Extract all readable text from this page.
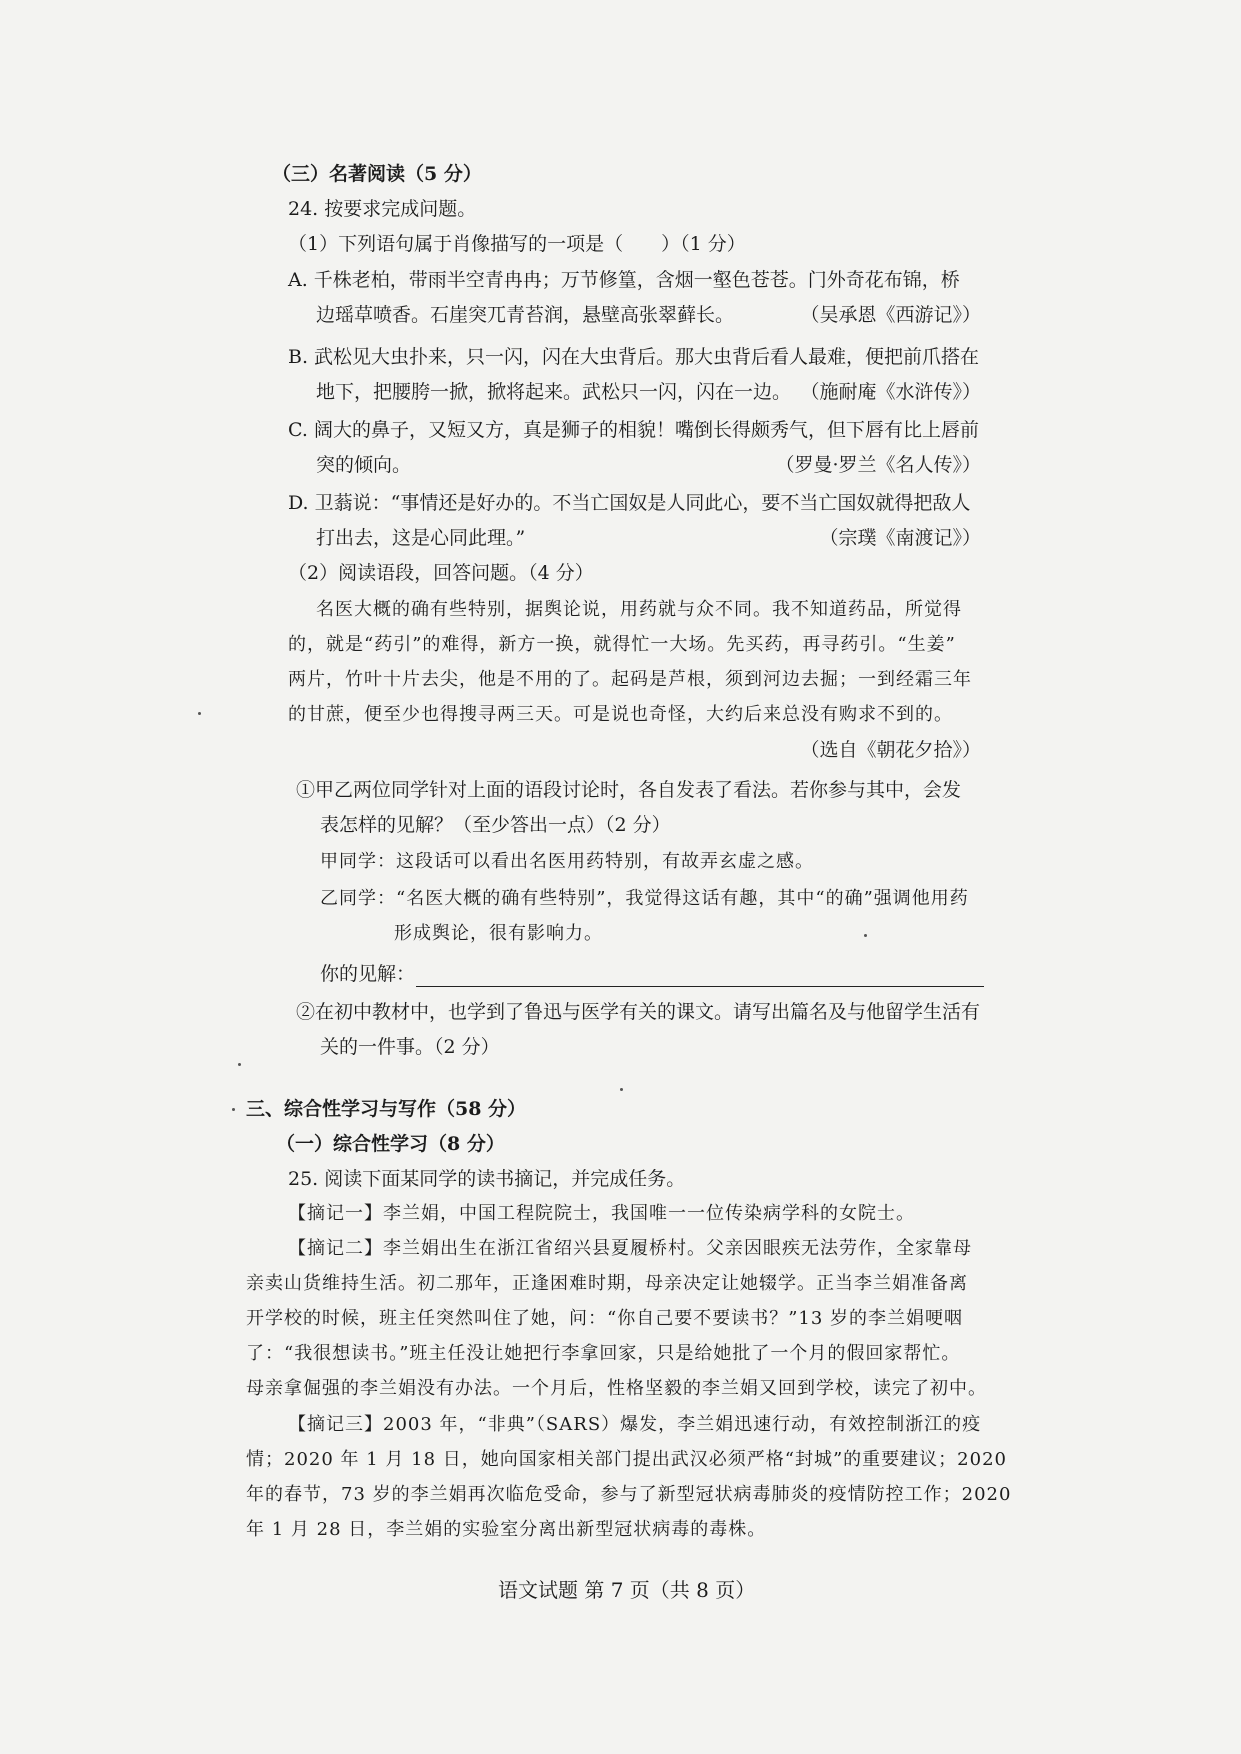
（三）名著阅读（5 分）
24. 按要求完成问题。
（1）下列语句属于肖像描写的一项是（　　）（1 分）
A. 千株老柏，带雨半空青冉冉；万节修篁，含烟一壑色苍苍。门外奇花布锦，桥
边瑶草喷香。石崖突兀青苔润，悬壁高张翠藓长。	（吴承恩《西游记》）
B. 武松见大虫扑来，只一闪，闪在大虫背后。那大虫背后看人最难，便把前爪搭在
地下，把腰胯一掀，掀将起来。武松只一闪，闪在一边。 （施耐庵《水浒传》）
C. 阔大的鼻子，又短又方，真是狮子的相貌！嘴倒长得颇秀气，但下唇有比上唇前
突的倾向。	（罗曼·罗兰《名人传》）
D. 卫蓊说：“事情还是好办的。不当亡国奴是人同此心，要不当亡国奴就得把敌人
打出去，这是心同此理。”	（宗璞《南渡记》）
（2）阅读语段，回答问题。（4 分）
名医大概的确有些特别，据舆论说，用药就与众不同。我不知道药品，所觉得
的，就是“药引”的难得，新方一换，就得忙一大场。先买药，再寻药引。“生姜”
两片，竹叶十片去尖，他是不用的了。起码是芦根，须到河边去掘；一到经霜三年
的甘蔗，便至少也得搜寻两三天。可是说也奇怪，大约后来总没有购求不到的。
（选自《朝花夕拾》）
①甲乙两位同学针对上面的语段讨论时，各自发表了看法。若你参与其中，会发
表怎样的见解？（至少答出一点）（2 分）
甲同学：这段话可以看出名医用药特别，有故弄玄虚之感。
乙同学：“名医大概的确有些特别”，我觉得这话有趣，其中“的确”强调他用药
形成舆论，很有影响力。
你的见解：
②在初中教材中，也学到了鲁迅与医学有关的课文。请写出篇名及与他留学生活有
关的一件事。（2 分）
三、综合性学习与写作（58 分）
（一）综合性学习（8 分）
25. 阅读下面某同学的读书摘记，并完成任务。
【摘记一】李兰娟，中国工程院院士，我国唯一一位传染病学科的女院士。
【摘记二】李兰娟出生在浙江省绍兴县夏履桥村。父亲因眼疾无法劳作，全家靠母
亲卖山货维持生活。初二那年，正逢困难时期，母亲决定让她辍学。正当李兰娟准备离
开学校的时候，班主任突然叫住了她，问：“你自己要不要读书？”13 岁的李兰娟哽咽
了：“我很想读书。”班主任没让她把行李拿回家，只是给她批了一个月的假回家帮忙。
母亲拿倔强的李兰娟没有办法。一个月后，性格坚毅的李兰娟又回到学校，读完了初中。
【摘记三】2003 年，“非典”（SARS）爆发，李兰娟迅速行动，有效控制浙江的疫
情；2020 年 1 月 18 日，她向国家相关部门提出武汉必须严格“封城”的重要建议；2020
年的春节，73 岁的李兰娟再次临危受命，参与了新型冠状病毒肺炎的疫情防控工作；2020
年 1 月 28 日，李兰娟的实验室分离出新型冠状病毒的毒株。
语文试题 第 7 页（共 8 页）
